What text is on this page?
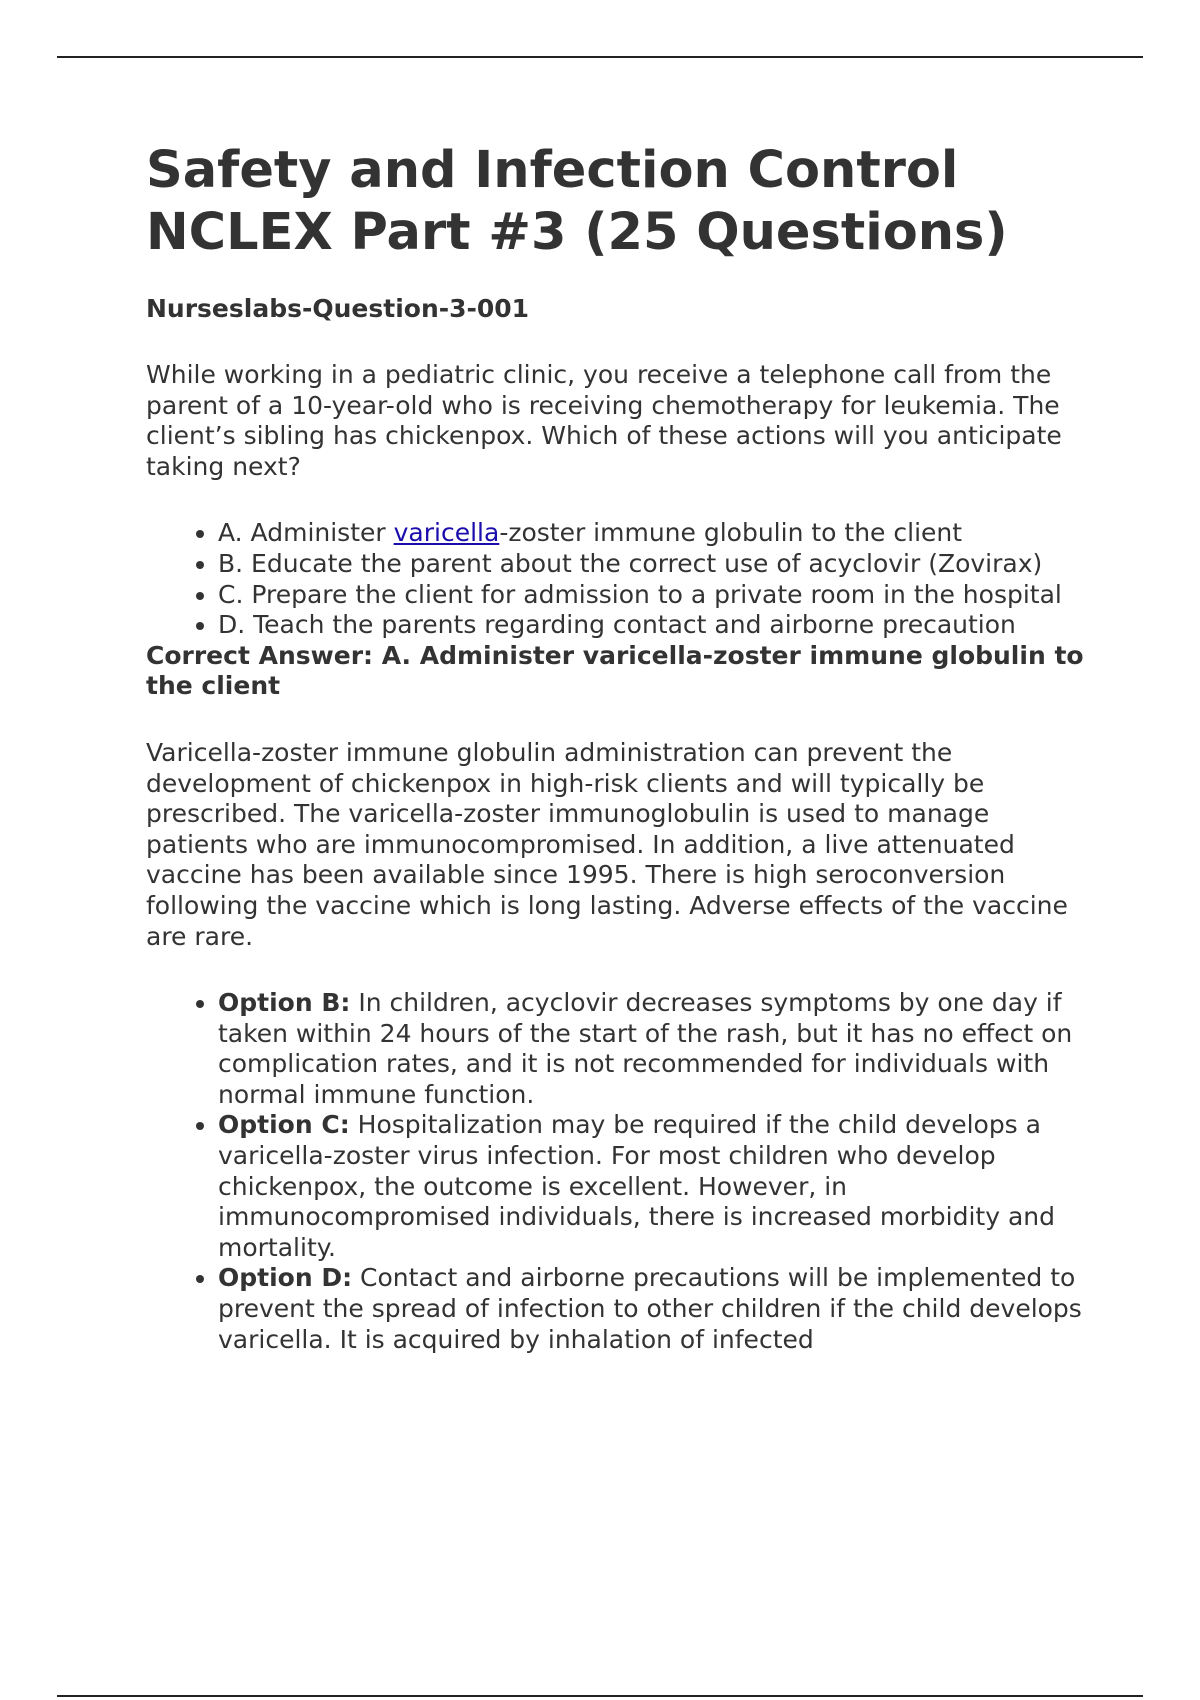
Safety and Infection Control NCLEX Part #3 (25 Questions)
Nurseslabs-Question-3-001

While working in a pediatric clinic, you receive a telephone call from the parent of a 10-year-old who is receiving chemotherapy for leukemia. The client’s sibling has chickenpox. Which of these actions will you anticipate taking next?

• A. Administer varicella-zoster immune globulin to the client
• B. Educate the parent about the correct use of acyclovir (Zovirax)
• C. Prepare the client for admission to a private room in the hospital
• D. Teach the parents regarding contact and airborne precaution

Correct Answer: A. Administer varicella-zoster immune globulin to the client

Varicella-zoster immune globulin administration can prevent the development of chickenpox in high-risk clients and will typically be prescribed. The varicella-zoster immunoglobulin is used to manage patients who are immunocompromised. In addition, a live attenuated vaccine has been available since 1995. There is high seroconversion following the vaccine which is long lasting. Adverse effects of the vaccine are rare.

• Option B: In children, acyclovir decreases symptoms by one day if taken within 24 hours of the start of the rash, but it has no effect on complication rates, and it is not recommended for individuals with normal immune function.
• Option C: Hospitalization may be required if the child develops a varicella-zoster virus infection. For most children who develop chickenpox, the outcome is excellent. However, in immunocompromised individuals, there is increased morbidity and mortality.
• Option D: Contact and airborne precautions will be implemented to prevent the spread of infection to other children if the child develops varicella. It is acquired by inhalation of infected
